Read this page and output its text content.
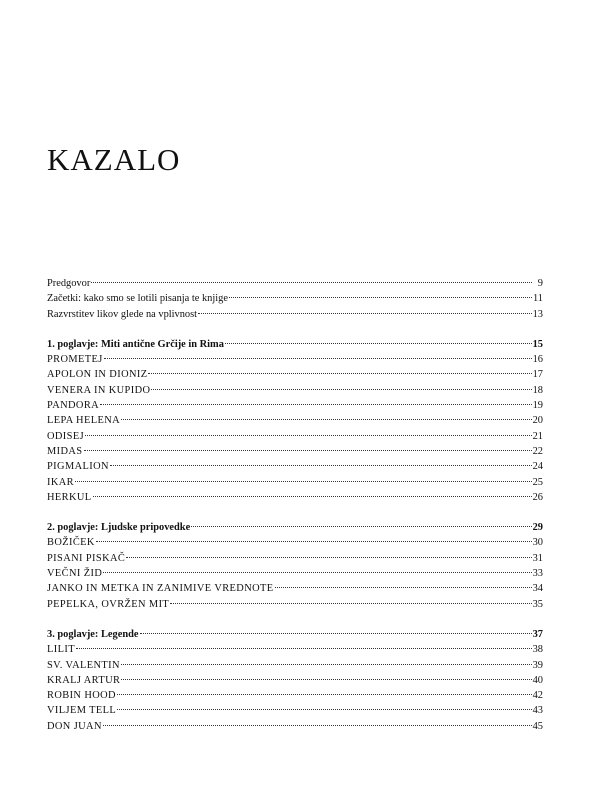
KAZALO
Predgovor	9
Začetki: kako smo se lotili pisanja te knjige	11
Razvrstitev likov glede na vplivnost	13
1. poglavje: Miti antične Grčije in Rima	15
PROMETEJ	16
APOLON IN DIONIZ	17
VENERA IN KUPIDO	18
PANDORA	19
LEPA HELENA	20
ODISEJ	21
MIDAS	22
PIGMALION	24
IKAR	25
HERKUL	26
2. poglavje: Ljudske pripovedke	29
BOŽIČEK	30
PISANI PISKAČ	31
VEČNI ŽID	33
JANKO IN METKA IN ZANIMIVE VREDNOTE	34
PEPELKA, OVRŽEN MIT	35
3. poglavje: Legende	37
LILIT	38
SV. VALENTIN	39
KRALJ ARTUR	40
ROBIN HOOD	42
VILJEM TELL	43
DON JUAN	45
